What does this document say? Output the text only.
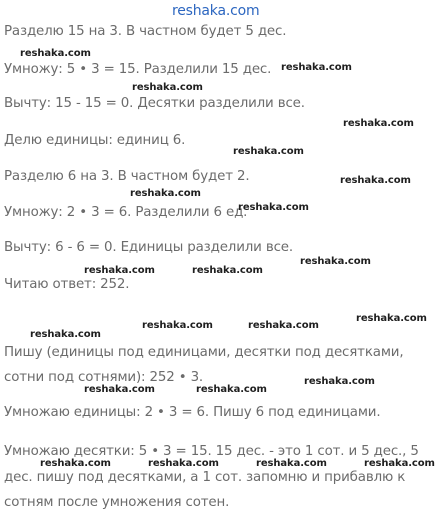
reshaka.com
Разделю 15 на 3. В частном будет 5 дес.
Умножу: 5 • 3 = 15. Разделили 15 дес.
Вычту: 15 - 15 = 0. Десятки разделили все.
Делю единицы: единиц 6.
Разделю 6 на 3. В частном будет 2.
Умножу: 2 • 3 = 6. Разделили 6 ед.
Вычту: 6 - 6 = 0. Единицы разделили все.
Читаю ответ: 252.
Пишу (единицы под единицами, десятки под десятками,
сотни под сотнями): 252 • 3.
Умножаю единицы: 2 • 3 = 6. Пишу 6 под единицами.
Умножаю десятки: 5 • 3 = 15. 15 дес. - это 1 сот. и 5 дес., 5
дес. пишу под десятками, а 1 сот. запомню и прибавлю к
сотням после умножения сотен.
reshaka.com
reshaka.com
reshaka.com
reshaka.com
reshaka.com
reshaka.com
reshaka.com
reshaka.com
reshaka.com
reshaka.com	reshaka.com
reshaka.com
reshaka.com	reshaka.com
reshaka.com
reshaka.com	reshaka.com
reshaka.com
reshaka.com	reshaka.com	reshaka.com	reshaka.com
